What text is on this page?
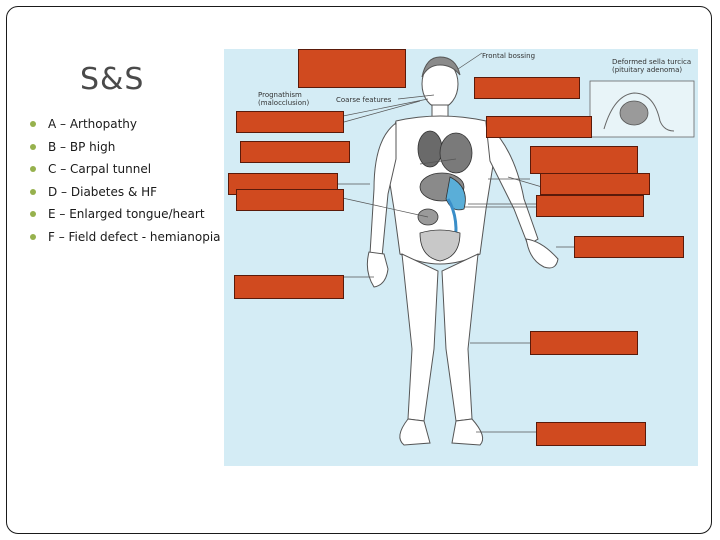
S&S
A – Arthopathy
B – BP high
C – Carpal tunnel
D – Diabetes & HF
E – Enlarged tongue/heart
F – Field defect - hemianopia
Frontal bossing
Deformed sella turcica
(pituitary adenoma)
Prognathism
(malocclusion)	Coarse features
